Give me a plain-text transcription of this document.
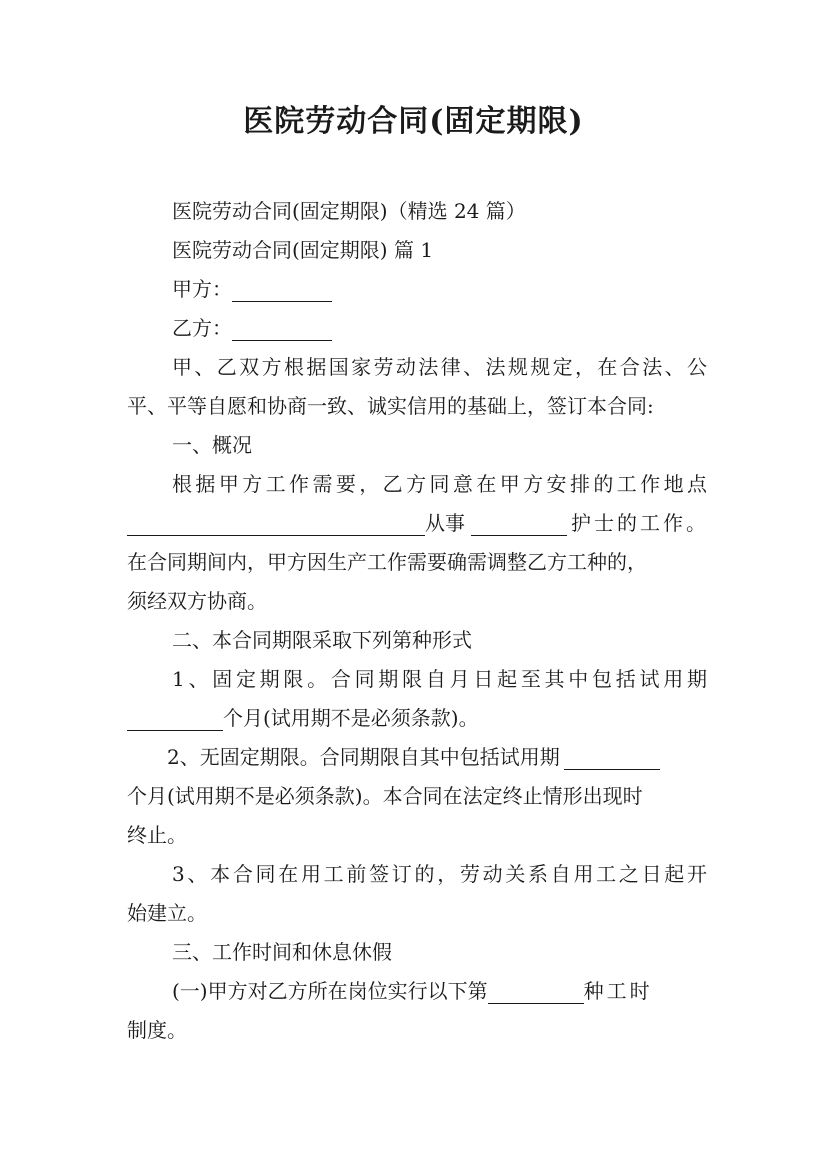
医院劳动合同(固定期限)
医院劳动合同(固定期限)（精选 24 篇）
医院劳动合同(固定期限) 篇 1
甲方：
乙方：
甲、乙双方根据国家劳动法律、法规规定，在合法、公
平、平等自愿和协商一致、诚实信用的基础上，签订本合同:
一、概况
根据甲方工作需要，乙方同意在甲方安排的工作地点
从事	护士的工作。
在合同期间内，甲方因生产工作需要确需调整乙方工种的，
须经双方协商。
二、本合同期限采取下列第种形式
1、固定期限。合同期限自月日起至其中包括试用期
个月(试用期不是必须条款)。
2、无固定期限。合同期限自其中包括试用期
个月(试用期不是必须条款)。本合同在法定终止情形出现时
终止。
3、本合同在用工前签订的，劳动关系自用工之日起开
始建立。
三、工作时间和休息休假
(一)甲方对乙方所在岗位实行以下第	种工时
制度。
